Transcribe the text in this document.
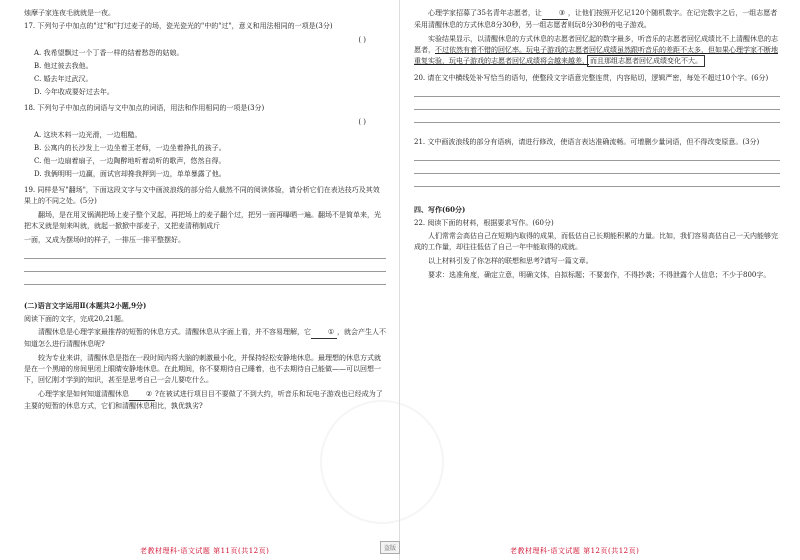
烛摩子家连夜毛就就是一夜。

17. 下列句子中加点的"过"和"打过麦子的场，瓷光瓷光的"中的"过"，意义和用法相同的一项是(3分)

( )

A. 我希望飘过一个丁香一样的结着愁怨的姑娘。

B. 他过彼去我他。

C. 婚去年过武汉。

D. 今年收成要好过去年。

18. 下列句子中加点的词语与文中加点的词语，用法和作用相同的一项是(3分)

( )

A. 这块木料一边光滑，一边粗糙。

B. 公寓内的长沙发上一边坐着王老师，一边坐着挣扎的孩子。

C. 他一边扇着扇子，一边陶醉地听着动听的歌声，悠然自得。

D. 我俩明明一边赢，面试官却搀我押到一边，单单暴露了他。

19. 同样是写"翻场"，下面这段文字与文中画波浪线的部分给人截然不同的阅读体验，请分析它们在表达技巧及其效果上的不同之处。(5分)

翻场，是在用叉锅满把场上麦子整个叉起，再把场上的麦子翻个过，把另一面再曝晒一遍。翻场不是简单来，光把木叉就是刻来叫就，就起一掀掀中部麦子，又把麦清稍制成斤

一面，又成为摆场时的样子，一排压一排平整摆好。

(二)语言文字运用Ⅱ(本题共2小题,9分)

阅读下面的文字，完成20,21题。

清醒休息是心理学家最推荐的短暂的休息方式。清醒休息从字面上看，并不容易理解，它 ① ，就会产生人不知道怎么进行清醒休息呢?

较为专业来讲，清醒休息是指在一段时间内将大脑的刺激最小化，并保持轻松安静地休息。最理想的休息方式就是在一个黑暗的房间里闭上眼睛安静地休息。在此期间，你不要期待自己睡着，也不去期待自己能做——可以回想一下，回忆刚才学到的知识，甚至是思考自己一会儿要吃什么。

心理学家是如何知道清醒休息 ② ?在被试进行项目目不要做了不到大约，听音乐和玩电子游戏也已经成为了主要的短暂的休息方式，它们和清醒休息相比，孰优孰劣?

老教材理科-语文试题 第11页(共12页)

心理学家招募了35名青年志愿者，让 ③ ，让他们按照开忆记120个随机数字。在记完数字之后，一组志愿者采用清醒休息的方式休息8分30秒，另一组志愿者则玩8分30秒的电子游戏。

实验结果显示，以清醒休息的方式休息的志愿者回忆起的数字最多，听音乐的志愿者回忆成绩比不上清醒休息的志愿者，不过依然有着不错的回忆率。玩电子游戏的志愿者回忆成绩虽然跟听音乐的差距不太多，但如果心理学家不断地重复实验，玩电子游戏的志愿者回忆成绩将会越来越差，而且那组志愿者回忆成绩变化不大。

20. 请在文中横线处补写恰当的语句，使整段文字语意完整连贯，内容贴切，逻辑严密，每处不超过10个字。(6分)

21. 文中画波浪线的部分有语病，请进行修改，使语言表达准确流畅。可增删少量词语，但不得改变原意。(3分)

四、写作(60分)

22. 阅读下面的材料，根据要求写作。(60分)

人们常常会高估自己在短期内取得的成果，而低估自己长期能积累的力量。比如，我们容易高估自己一天内能够完成的工作量，却往往低估了自己一年中能取得的成就。

以上材料引发了你怎样的联想和思考?请写一篇文章。

要求：选准角度，确定立意，明确文体，自拟标题；不要套作，不得抄袭；不得泄露个人信息；不少于800字。

老教材理科-语文试题 第12页(共12页)
盗版
